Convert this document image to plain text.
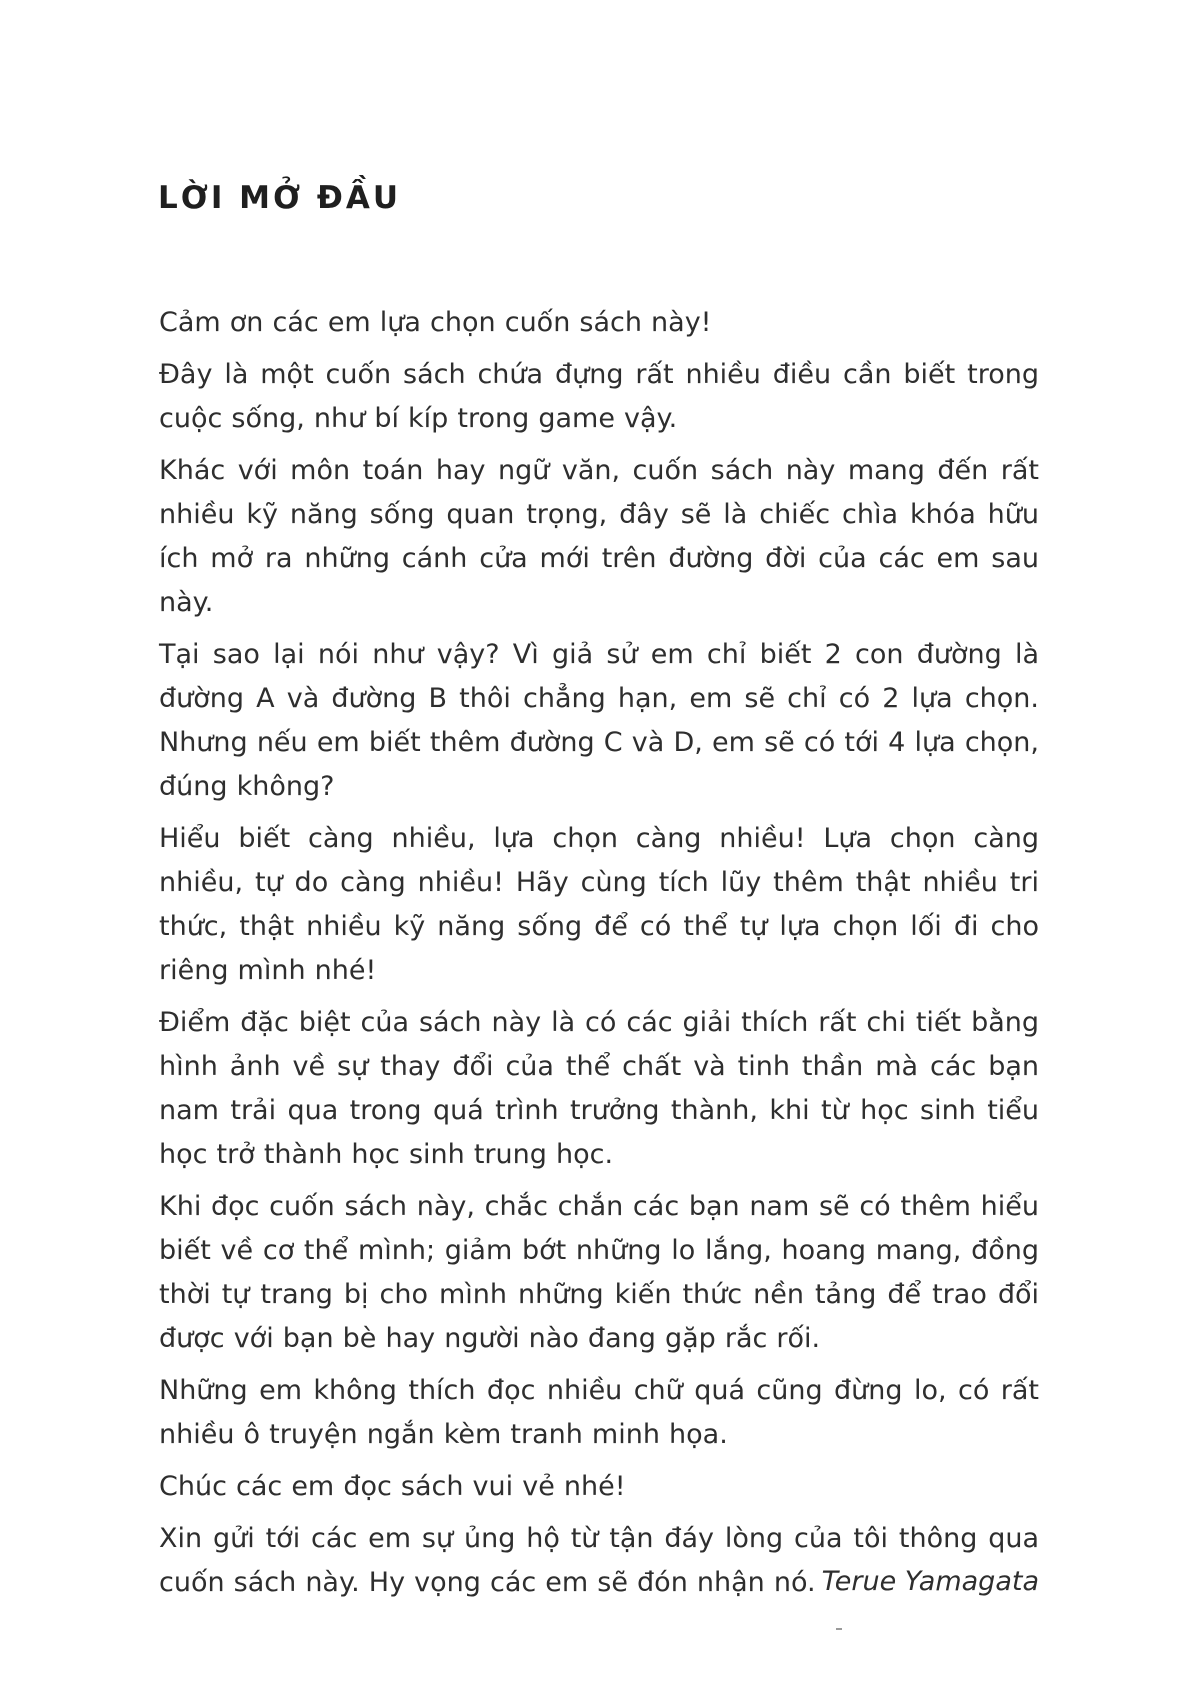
LỜI MỞ ĐẦU

Cảm ơn các em lựa chọn cuốn sách này!

Đây là một cuốn sách chứa đựng rất nhiều điều cần biết trong cuộc sống, như bí kíp trong game vậy.

Khác với môn toán hay ngữ văn, cuốn sách này mang đến rất nhiều kỹ năng sống quan trọng, đây sẽ là chiếc chìa khóa hữu ích mở ra những cánh cửa mới trên đường đời của các em sau này.

Tại sao lại nói như vậy? Vì giả sử em chỉ biết 2 con đường là đường A và đường B thôi chẳng hạn, em sẽ chỉ có 2 lựa chọn. Nhưng nếu em biết thêm đường C và D, em sẽ có tới 4 lựa chọn, đúng không?

Hiểu biết càng nhiều, lựa chọn càng nhiều! Lựa chọn càng nhiều, tự do càng nhiều! Hãy cùng tích lũy thêm thật nhiều tri thức, thật nhiều kỹ năng sống để có thể tự lựa chọn lối đi cho riêng mình nhé!

Điểm đặc biệt của sách này là có các giải thích rất chi tiết bằng hình ảnh về sự thay đổi của thể chất và tinh thần mà các bạn nam trải qua trong quá trình trưởng thành, khi từ học sinh tiểu học trở thành học sinh trung học.

Khi đọc cuốn sách này, chắc chắn các bạn nam sẽ có thêm hiểu biết về cơ thể mình; giảm bớt những lo lắng, hoang mang, đồng thời tự trang bị cho mình những kiến thức nền tảng để trao đổi được với bạn bè hay người nào đang gặp rắc rối.

Những em không thích đọc nhiều chữ quá cũng đừng lo, có rất nhiều ô truyện ngắn kèm tranh minh họa.

Chúc các em đọc sách vui vẻ nhé!

Xin gửi tới các em sự ủng hộ từ tận đáy lòng của tôi thông qua cuốn sách này. Hy vọng các em sẽ đón nhận nó. Terue Yamagata
